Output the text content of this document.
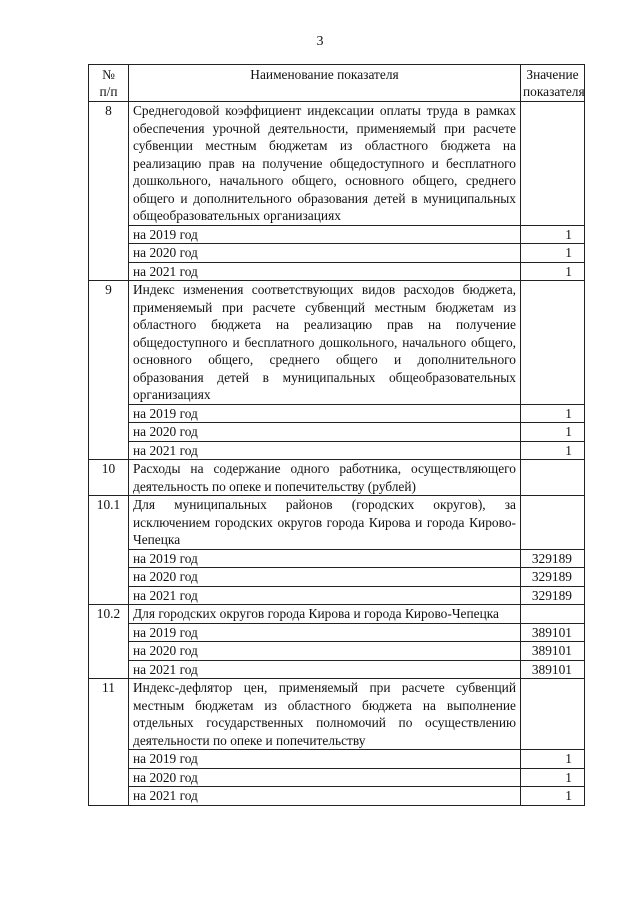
3
№
п/п	Наименование показателя	Значение
показателя
8	Среднегодовой коэффициент индексации оплаты труда в рамках обеспечения урочной деятельности, применяемый при расчете субвенции местным бюджетам из областного бюджета на реализацию прав на получение общедоступного и бесплатного дошкольного, начального общего, основного общего, среднего общего и дополнительного образования детей в муниципальных общеобразовательных организациях	
	на 2019 год	1
	на 2020 год	1
	на 2021 год	1
9	Индекс изменения соответствующих видов расходов бюджета, применяемый при расчете субвенций местным бюджетам из областного бюджета на реализацию прав на получение общедоступного и бесплатного дошкольного, начального общего, основного общего, среднего общего и дополнительного образования детей в муниципальных общеобразовательных организациях	
	на 2019 год	1
	на 2020 год	1
	на 2021 год	1
10	Расходы на содержание одного работника, осуществляющего деятельность по опеке и попечительству (рублей)	
10.1	Для муниципальных районов (городских округов), за исключением городских округов города Кирова и города Кирово-Чепецка	
	на 2019 год	329189
	на 2020 год	329189
	на 2021 год	329189
10.2	Для городских округов города Кирова и города Кирово-Чепецка	
	на 2019 год	389101
	на 2020 год	389101
	на 2021 год	389101
11	Индекс-дефлятор цен, применяемый при расчете субвенций местным бюджетам из областного бюджета на выполнение отдельных государственных полномочий по осуществлению деятельности по опеке и попечительству	
	на 2019 год	1
	на 2020 год	1
	на 2021 год	1
